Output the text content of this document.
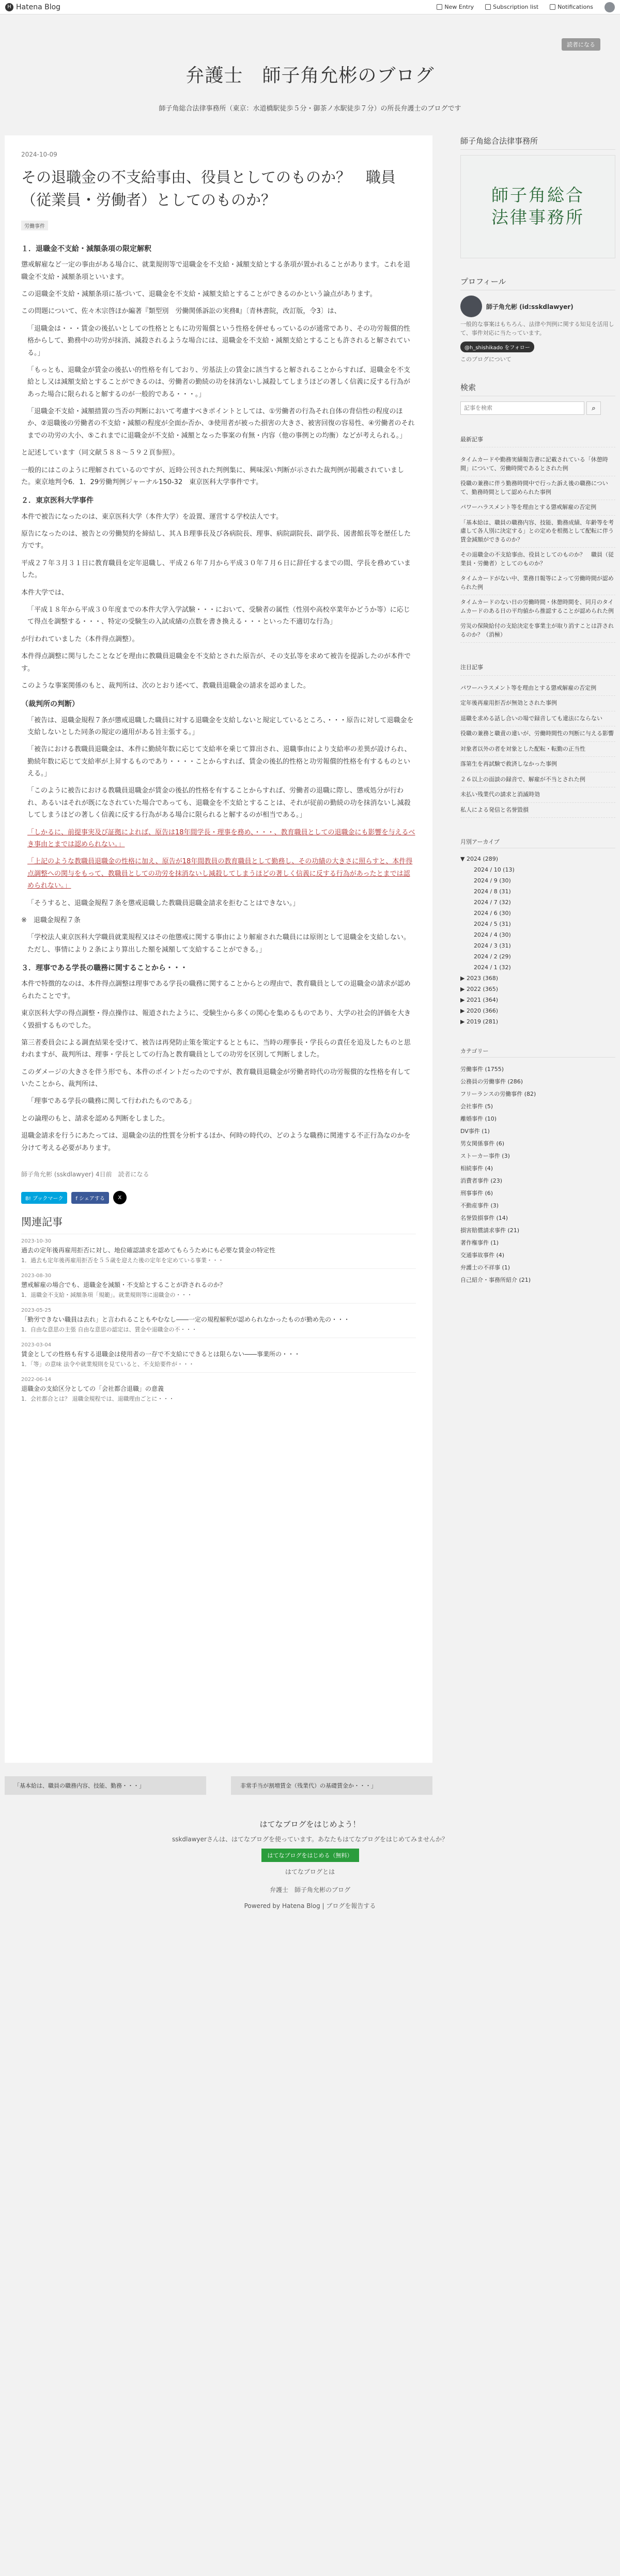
H Hatena Blog	New Entry	Subscription list	Notifications
読者になる
弁護士　師子角允彬のブログ
師子角総合法律事務所（東京：水道橋駅徒歩５分・御茶ノ水駅徒歩７分）の所長弁護士のブログです
2024-10-09
その退職金の不支給事由、役員としてのものか？　職員（従業員・労働者）としてのものか？
労働事件
１．退職金不支給・減額条項の限定解釈

懲戒解雇など一定の事由がある場合に、就業規則等で退職金を不支給・減額支給とする条項が置かれることがあります。これを退職金不支給・減額条項といいます。

この退職金不支給・減額条項に基づいて、退職金を不支給・減額支給とすることができるのかという論点があります。

この問題について、佐々木宗啓ほか編著『類型別　労働関係訴訟の実務Ⅱ』〔青林書院，改訂版，令3〕は、

「退職金は・・・賃金の後払いとしての性格とともに功労報償という性格を併せもっているのが通常であり、その功労報償的性格からして、勤務中の功労が抹消、減殺されるような場合には、退職金を不支給・減額支給とすることも許されると解されている。」

「もっとも、退職金が賃金の後払い的性格を有しており、労基法上の賃金に該当すると解されることからすれば、退職金を不支給とし又は減額支給とすることができるのは、労働者の勤続の功を抹消ないし減殺してしまうほどの著しく信義に反する行為があった場合に限られると解するのが一般的である・・・。」

「退職金不支給・減額措置の当否の判断において考慮すべきポイントとしては、①労働者の行為それ自体の背信性の程度のほか、②退職後の労働者の不支給・減額の程度が全面か否か、③使用者が被った損害の大きさ、被害回復の容易性、④労働者のそれまでの功労の大小、⑤これまでに退職金が不支給・減額となった事案の有無・内容（他の事例との均衡）などが考えられる。」

と記述しています（同文献５８８～５９２頁参照）。

一般的にはこのように理解されているのですが、近時公刊された判例集に、興味深い判断が示された裁判例が掲載されていました。東京地判令6．1．29労働判例ジャーナル150-32　東京医科大学事件です。

２．東京医科大学事件

本件で被告になったのは、東京医科大学（本件大学）を設置、運営する学校法人です。

原告になったのは、被告との労働契約を締結し、其ＡＢ理事長及び各病院長、理事、病院副院長、副学長、図書館長等を歴任した方です。

平成２７年３月３１日に教育職員を定年退職し、平成２６年７月から平成３０年７月６日に辞任するまでの間、学長を務めていました。

本件大学では、

「平成１８年から平成３０年度までの本件大学入学試験・・・において、受験者の属性（性別や高校卒業年かどうか等）に応じて得点を調整する・・・、特定の受験生の入試成績の点数を書き換える・・・といった不適切な行為」

が行われていました（本件得点調整）。

本件得点調整に関与したことなどを理由に教職員退職金を不支給とされた原告が、その支払等を求めて被告を提訴したのが本件です。

このような事案関係のもと、裁判所は、次のとおり述べて、教職員退職金の請求を認めました。

（裁判所の判断）

「被告は、退職金規程７条が懲戒退職した職員に対する退職金を支給しないと規定しているところ、・・・原告に対して退職金を支給しないとした同条の規定の適用がある旨主張する。」

「被告における教職員退職金は、本件に勤続年数に応じて支給率を乗じて算出され、退職事由により支給率の差異が設けられ、勤続年数に応じて支給率が上昇するものであり・・・・ことからすれば、賃金の後払的性格と功労報償的性格を有するものといえる。」

「このように被告における教職員退職金が賃金の後払的性格を有することからすれば、労働者の退職に際し、懲戒処分が行われ、あるいはそれが既になされていた場合であっても、退職金を不支給とすることは、それが従前の勤続の功を抹消ないし減殺してしまうほどの著しく信義に反する行為がある場合に限られると解するのが相当である。」

「しかるに、前提事実及び証拠によれば、原告は18年間学長・理事を務め、・・・、教育職員としての退職金にも影響を与えるべき事由とまでは認められない。」

「上記のような教職員退職金の性格に加え、原告が18年間教員の教育職員として勤務し、その功績の大きさに照らすと、本件得点調整への関与をもって、教職員としての功労を抹消ないし減殺してしまうほどの著しく信義に反する行為があったとまでは認められない。」

「そうすると、退職金規程７条を懲戒退職した教職員退職金請求を拒むことはできない。」

※　退職金規程７条

「学校法人東京医科大学職員就業規程又はその他懲戒に関する事由により解雇された職員には原則として退職金を支給しない。ただし、事情により２条により算出した額を減額して支給することができる。」

３．理事である学長の職務に関することから・・・

本件で特徴的なのは、本件得点調整は理事である学長の職務に関することからとの理由で、教育職員としての退職金の請求が認められたことです。

東京医科大学の得点調整・得点操作は、報道されたように、受験生から多くの関心を集めるものであり、大学の社会的評価を大きく毀損するものでした。

第三者委員会による調査結果を受けて、被告は再発防止策を策定するとともに、当時の理事長・学長らの責任を追及したものと思われますが、裁判所は、理事・学長としての行為と教育職員としての功労を区別して判断しました。

このダメージの大きさを伴う形でも、本件のポイントだったのですが、教育職員退職金が労働者時代の功労報償的な性格を有していたことから、裁判所は、

「理事である学長の職務に関して行われたものである」

との論理のもと、請求を認める判断をしました。

退職金請求を行うにあたっては、退職金の法的性質を分析するほか、何時の時代の、どのような職務に関連する不正行為なのかを分けて考える必要があります。

師子角允彬 (sskdlawyer) 4日前　読者になる
B! ブックマーク	f シェアする	X
関連記事
2023-10-30
過去の定年後再雇用拒否に対し、地位確認請求を認めてもらうためにも必要な賃金の特定性
1．過去も定年後再雇用拒否を５５歳を迎えた後の定年を定めている事業・・・
2023-08-30
懲戒解雇の場合でも、退職金を減額・不支給とすることが許されるのか？
1．退職金不支給・減額条項「規範」。就業規則等に退職金の・・・
2023-05-25
「勤労できない職員は去れ」と言われることもやむなし――一定の規程解釈が認められなかったものが勤め先の・・・
1．自由な意思の主張 自由な意思の認定は、賃金や退職金の不・・・
2023-03-04
賃金としての性格も有する退職金は使用者の一存で不支給にできるとは限らない――事業所の・・・
1．「等」の意味 法令や就業規則を見ていると、不支給要件が・・・
2022-06-14
退職金の支給区分としての「会社都合退職」の意義
1．会社都合とは？ 退職金規程では、退職理由ごとに・・・
「基本給は、職員の職務内容、技能、勤務・・・」	非常手当が割増賃金（残業代）の基礎賃金か・・・」
師子角総合法律事務所
師子角総合
法律事務所
プロフィール
師子角允彬 (id:sskdlawyer)
一般的な事案はもちろん、法律や判例に関する知見を活用して、事件対応に当たっています。
@h_shishikado をフォロー
このブログについて
検索
記事を検索⌕
最新記事
タイムカードや勤務実績報告書に記載されている「休憩時間」について、労働時間であるとされた例
役職の兼務に伴う勤務時間中で行った訴え後の職務について、勤務時間として認められた事例
パワーハラスメント等を理由とする懲戒解雇の否定例
「基本給は、職員の職務内容、技能、勤務成績、年齢等を考慮して各人別に決定する」との定めを根拠として配転に伴う賃金減額ができるのか？
その退職金の不支給事由、役員としてのものか？　職員（従業員・労働者）としてのものか？
タイムカードがない中、業務日報等によって労働時間が認められた例
タイムカードのない日の労働時間・休憩時間を、同月のタイムカードのある日の平均値から推認することが認められた例
労災の保険給付の支給決定を事業主が取り消すことは許されるのか？（消極）
注目記事
パワーハラスメント等を理由とする懲戒解雇の否定例
定年後再雇用拒否が無効とされた事例
退職を求める話し合いの場で録音しても違法にならない
役職の兼務と職責の違いが、労働時間性の判断に与える影響
対象者以外の者を対象とした配転・転勤の正当性
落第生を再試験で救済しなかった事例
２６以上の面談の録音で、解雇が不当とされた例
未払い残業代の請求と消滅時効
私人による発信と名誉毀損
月別アーカイブ
▼ 2024 (289)
2024 / 10 (13)
2024 / 9 (30)
2024 / 8 (31)
2024 / 7 (32)
2024 / 6 (30)
2024 / 5 (31)
2024 / 4 (30)
2024 / 3 (31)
2024 / 2 (29)
2024 / 1 (32)
▶ 2023 (368)
▶ 2022 (365)
▶ 2021 (364)
▶ 2020 (366)
▶ 2019 (281)
カテゴリー
労働事件 (1755)
公務員の労働事件 (286)
フリーランスの労働事件 (82)
会社事件 (5)
離婚事件 (10)
DV事件 (1)
男女関係事件 (6)
ストーカー事件 (3)
相続事件 (4)
消費者事件 (23)
刑事事件 (6)
不動産事件 (3)
名誉毀損事件 (14)
損害賠償請求事件 (21)
著作権事件 (1)
交通事故事件 (4)
弁護士の不祥事 (1)
自己紹介・事務所紹介 (21)
はてなブログをはじめよう！
sskdlawyerさんは、はてなブログを使っています。あなたもはてなブログをはじめてみませんか？
はてなブログをはじめる（無料）
はてなブログとは
弁護士　師子角允彬のブログ
Powered by Hatena Blog | ブログを報告する
